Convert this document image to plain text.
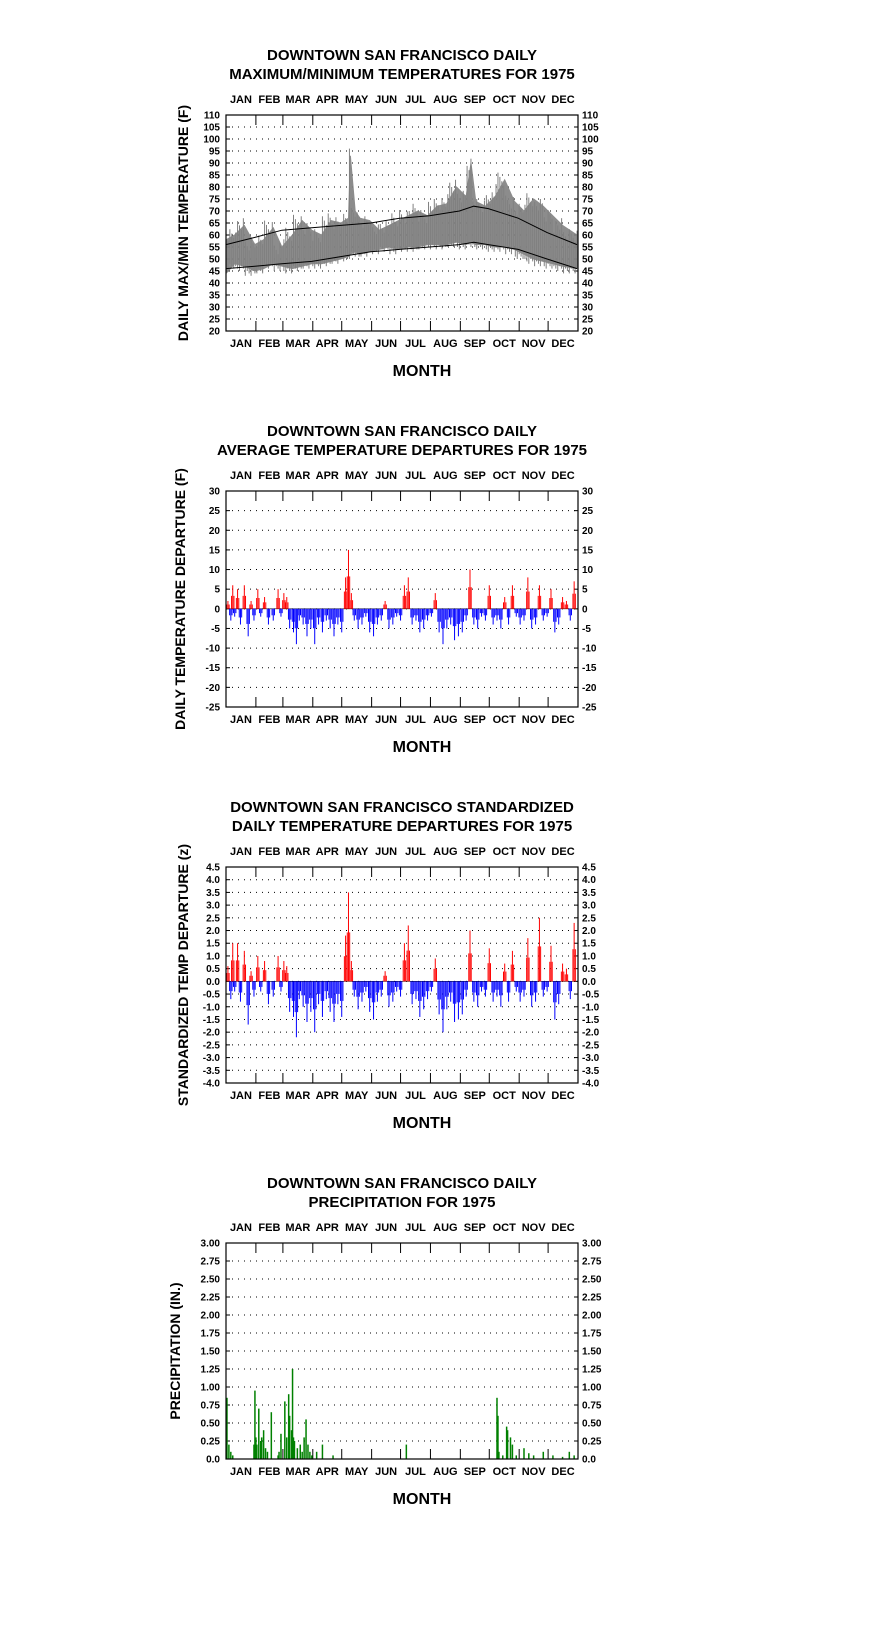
DOWNTOWN SAN FRANCISCO DAILY
MAXIMUM/MINIMUM TEMPERATURES FOR 1975
JAN
JAN
FEB
FEB
MAR
MAR
APR
APR
MAY
MAY
JUN
JUN
JUL
JUL
AUG
AUG
SEP
SEP
OCT
OCT
NOV
NOV
DEC
DEC
110	110
105	105
100	100
95	95
90	90
85	85
80	80
75	75
70	70
65	65
60	60
55	55
50	50
45	45
40	40
35	35
30	30
25	25
20	20
DAILY MAX/MIN TEMPERATURE (F)
MONTH
DOWNTOWN SAN FRANCISCO DAILY
AVERAGE TEMPERATURE DEPARTURES FOR 1975
JAN
JAN
FEB
FEB
MAR
MAR
APR
APR
MAY
MAY
JUN
JUN
JUL
JUL
AUG
AUG
SEP
SEP
OCT
OCT
NOV
NOV
DEC
DEC
30	30
25	25
20	20
15	15
10	10
5	5
0	0
-5	-5
-10	-10
-15	-15
-20	-20
-25	-25
DAILY TEMPERATURE DEPARTURE (F)
MONTH
DOWNTOWN SAN FRANCISCO STANDARDIZED
DAILY TEMPERATURE DEPARTURES FOR 1975
JAN
JAN
FEB
FEB
MAR
MAR
APR
APR
MAY
MAY
JUN
JUN
JUL
JUL
AUG
AUG
SEP
SEP
OCT
OCT
NOV
NOV
DEC
DEC
4.5	4.5
4.0	4.0
3.5	3.5
3.0	3.0
2.5	2.5
2.0	2.0
1.5	1.5
1.0	1.0
0.5	0.5
0.0	0.0
-0.5	-0.5
-1.0	-1.0
-1.5	-1.5
-2.0	-2.0
-2.5	-2.5
-3.0	-3.0
-3.5	-3.5
-4.0	-4.0
STANDARDIZED TEMP DEPARTURE (z)
MONTH
DOWNTOWN SAN FRANCISCO DAILY
PRECIPITATION FOR 1975
JAN
JAN
FEB
FEB
MAR
MAR
APR
APR
MAY
MAY
JUN
JUN
JUL
JUL
AUG
AUG
SEP
SEP
OCT
OCT
NOV
NOV
DEC
DEC
3.00	3.00
2.75	2.75
2.50	2.50
2.25	2.25
2.00	2.00
1.75	1.75
1.50	1.50
1.25	1.25
1.00	1.00
0.75	0.75
0.50	0.50
0.25	0.25
0.0	0.0
PRECIPITATION (IN.)
MONTH
